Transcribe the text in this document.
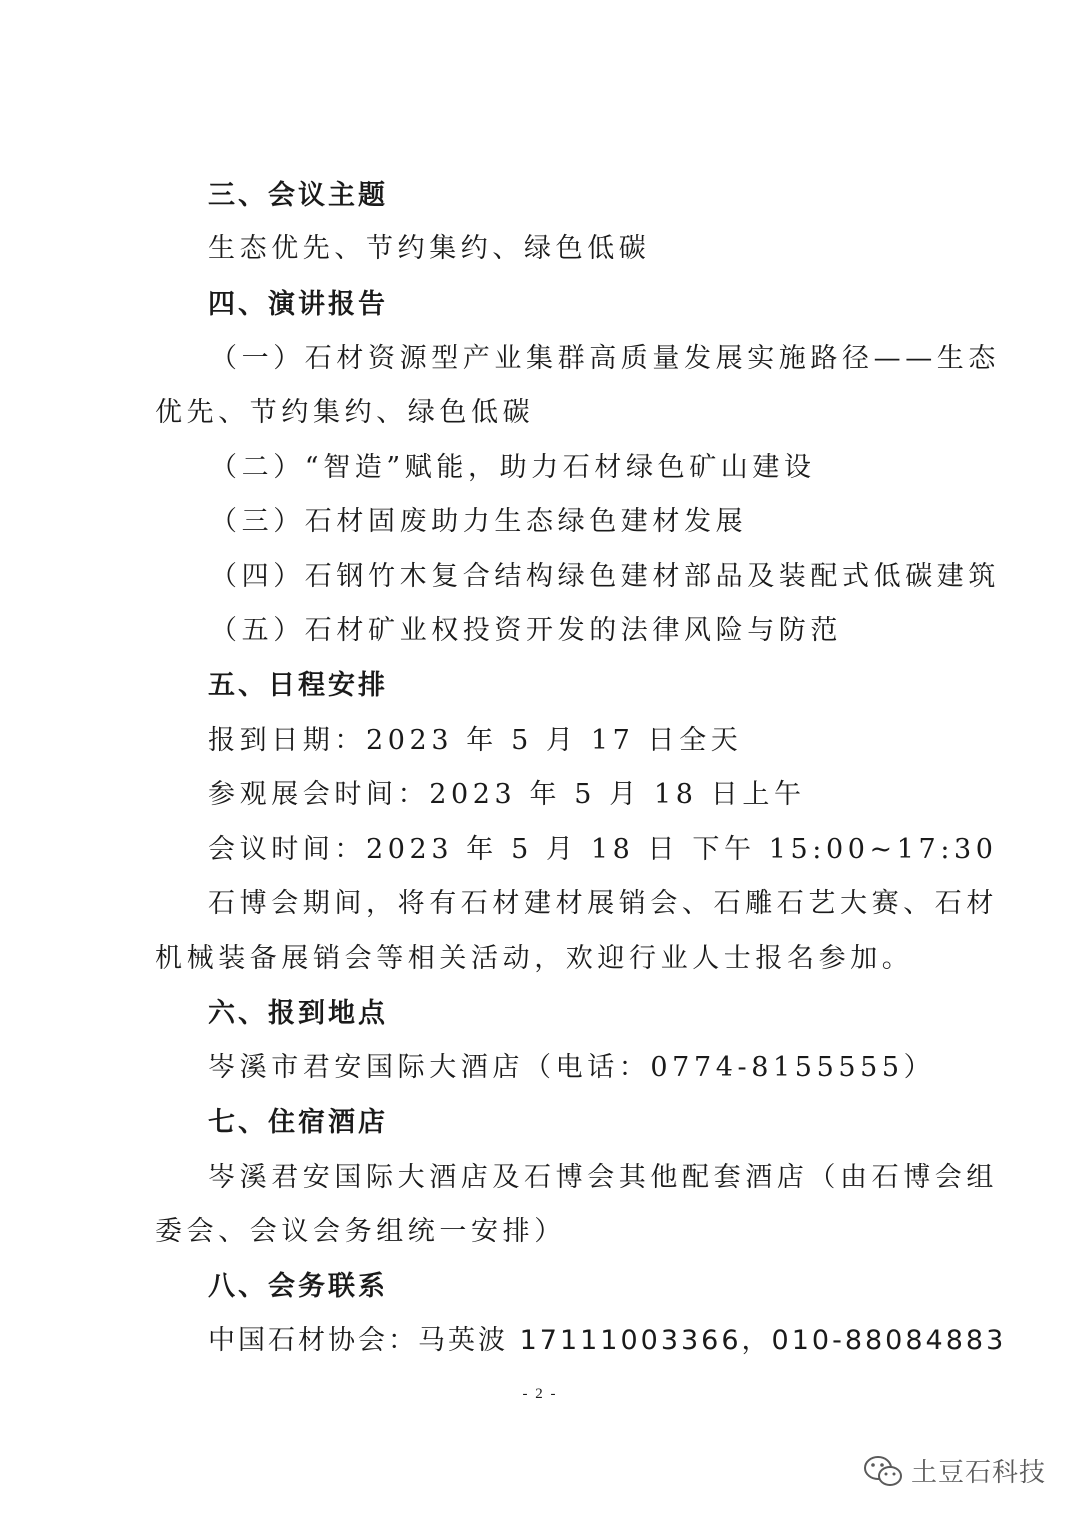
三、会议主题
生态优先、节约集约、绿色低碳
四、演讲报告
（一）石材资源型产业集群高质量发展实施路径——生态
优先、节约集约、绿色低碳
（二）“智造”赋能，助力石材绿色矿山建设
（三）石材固废助力生态绿色建材发展
（四）石钢竹木复合结构绿色建材部品及装配式低碳建筑
（五）石材矿业权投资开发的法律风险与防范
五、日程安排
报到日期：2023 年 5 月 17 日全天
参观展会时间：2023 年 5 月 18 日上午
会议时间：2023 年 5 月 18 日 下午 15:00~17:30
石博会期间，将有石材建材展销会、石雕石艺大赛、石材
机械装备展销会等相关活动，欢迎行业人士报名参加。
六、报到地点
岑溪市君安国际大酒店（电话：0774-8155555）
七、住宿酒店
岑溪君安国际大酒店及石博会其他配套酒店（由石博会组
委会、会议会务组统一安排）
八、会务联系
中国石材协会：马英波 17111003366，010-88084883
- 2 -
土豆石科技
